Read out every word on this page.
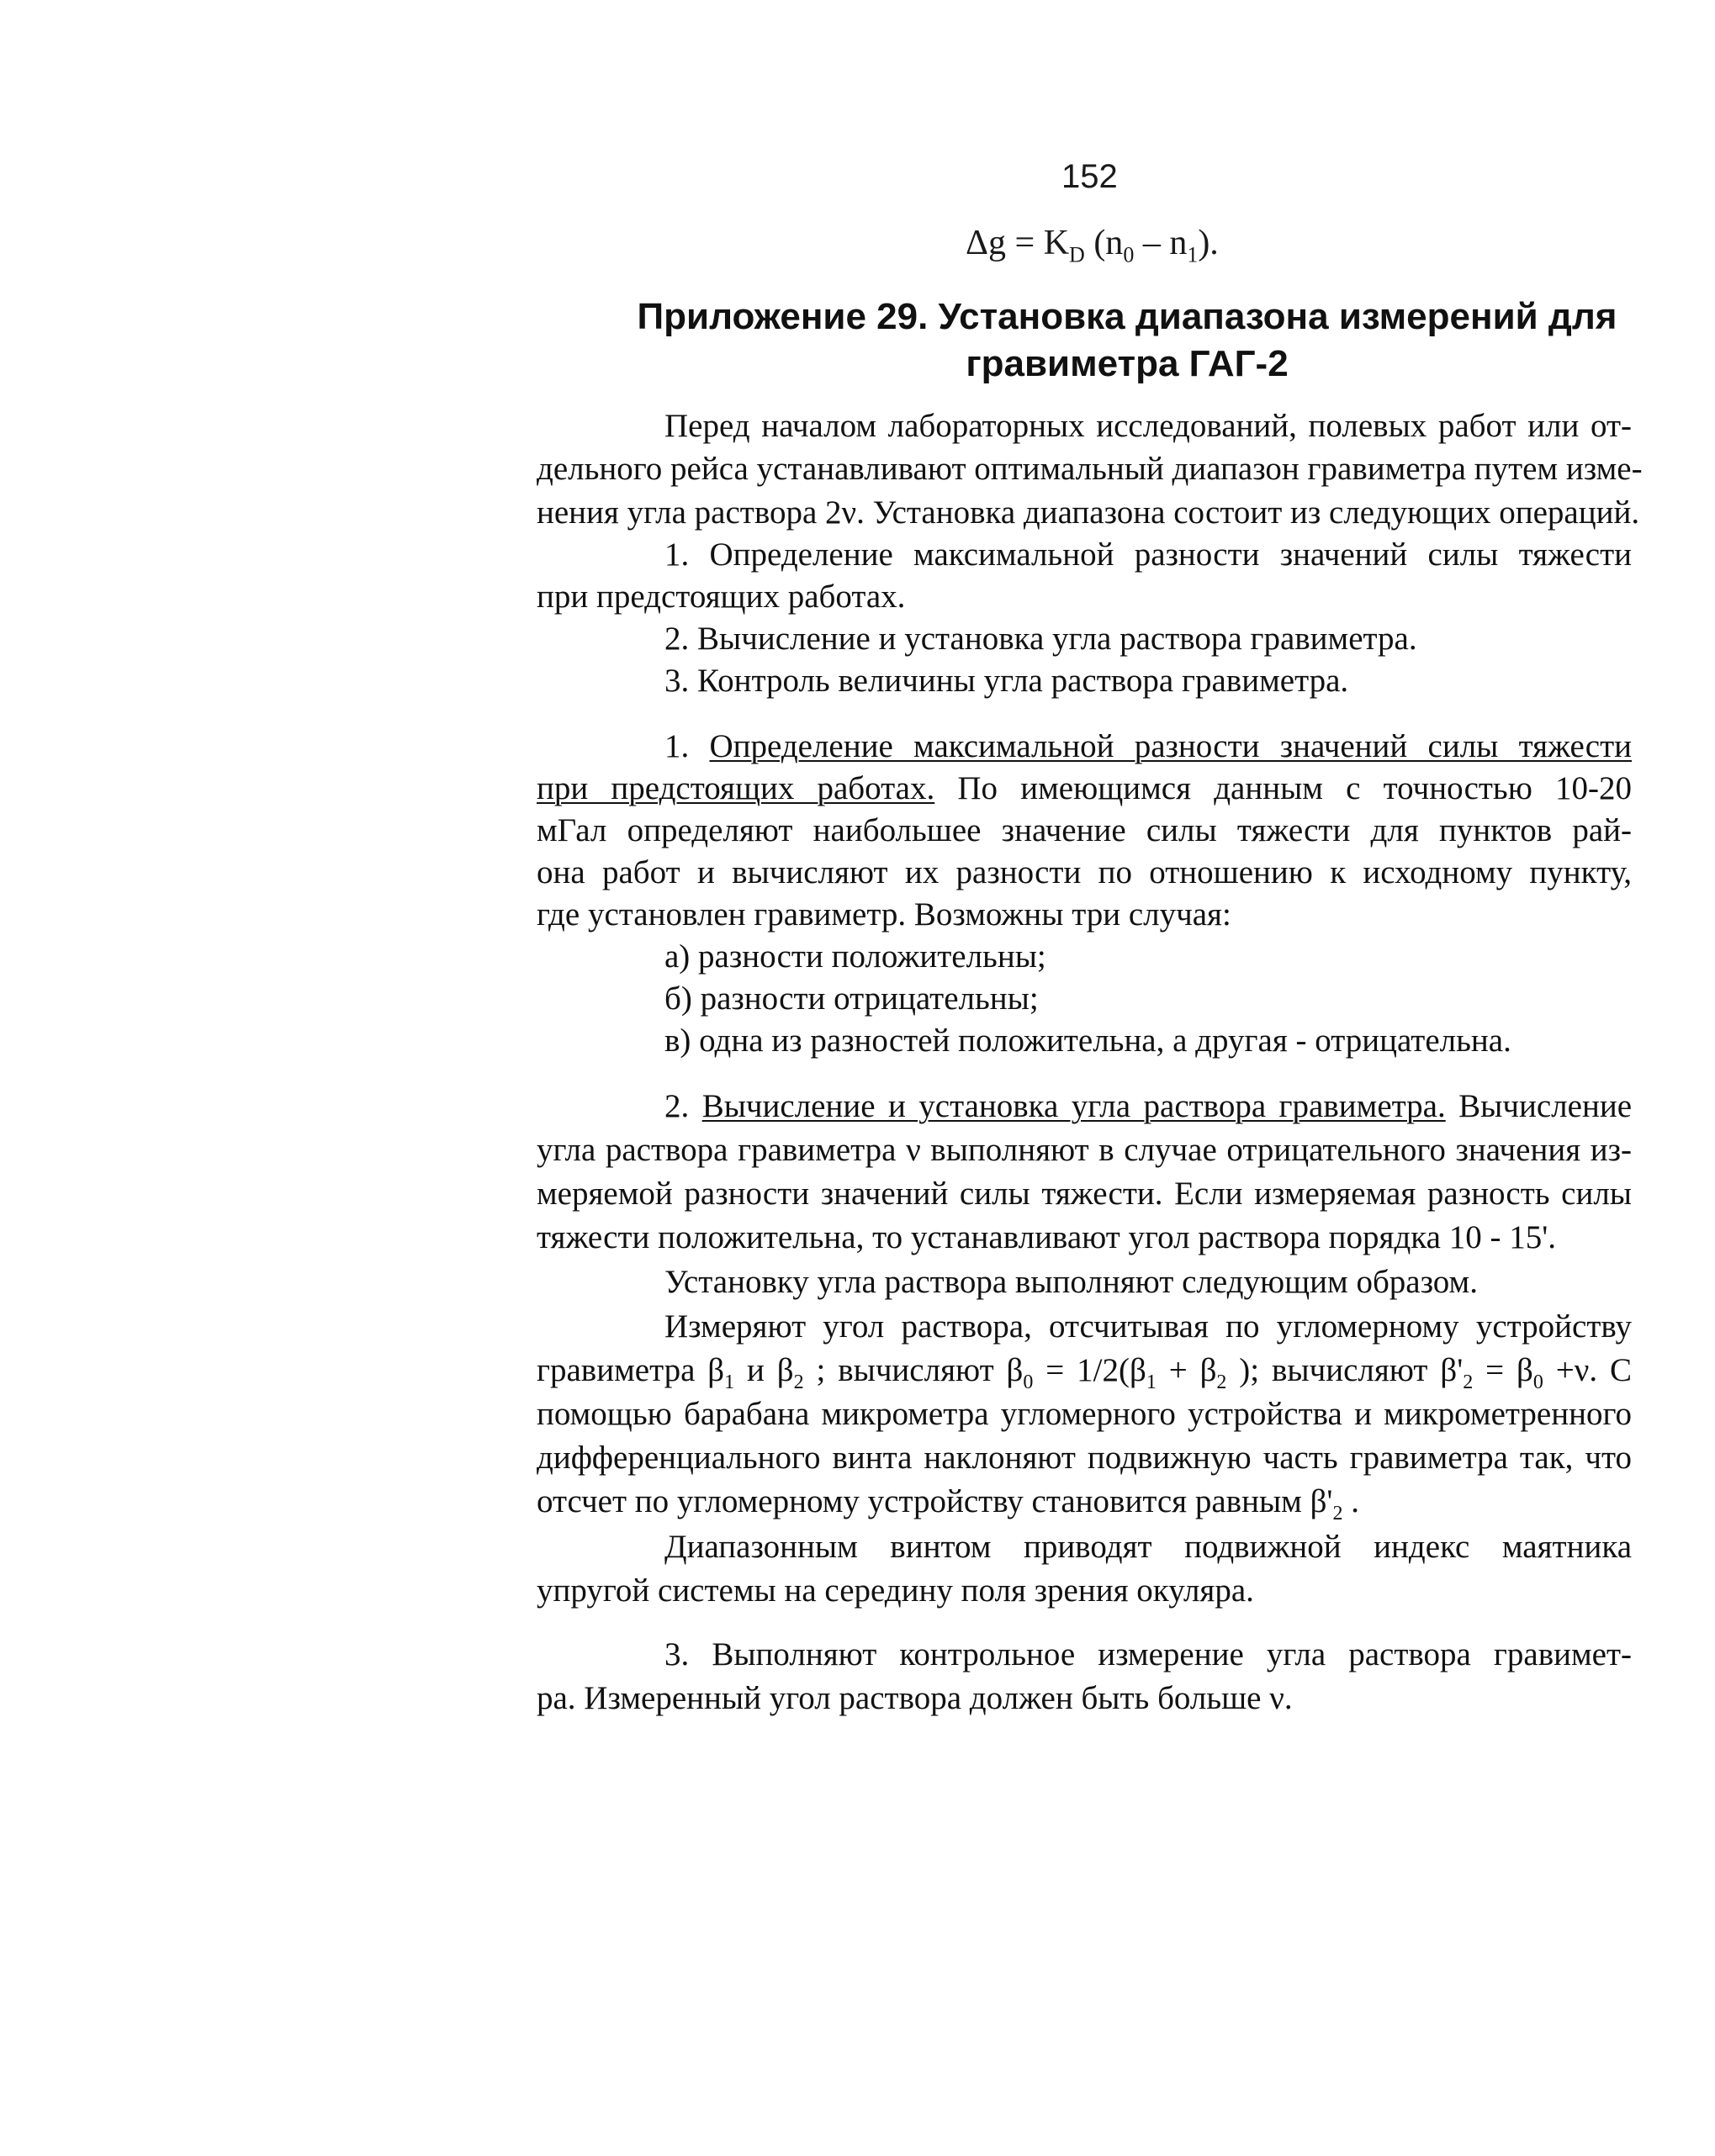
152
$\Delta g = K_D$ $(n_0 - n_1)$.
Приложение 29. Установка диапазона измерений для
гравиметра ГАГ-2
Перед началом лабораторных исследований, полевых работ или от-
дельного рейса устанавливают оптимальный диапазон гравиметра путем изме-
нения угла раствора 2ν. Установка диапазона состоит из следующих операций.
1. Определение максимальной разности значений силы тяжести
при предстоящих работах.
2. Вычисление и установка угла раствора гравиметра.
3. Контроль величины угла раствора гравиметра.
1. Определение максимальной разности значений силы тяжести
при предстоящих работах. По имеющимся данным с точностью 10-20
мГал определяют наибольшее значение силы тяжести для пунктов рай-
она работ и вычисляют их разности по отношению к исходному пункту,
где установлен гравиметр. Возможны три случая:
а) разности положительны;
б) разности отрицательны;
в) одна из разностей положительна, а другая - отрицательна.
2. Вычисление и установка угла раствора гравиметра. Вычисление
угла раствора гравиметра ν выполняют в случае отрицательного значения из-
меряемой разности значений силы тяжести. Если измеряемая разность силы
тяжести положительна, то устанавливают угол раствора порядка 10 - 15'.
Установку угла раствора выполняют следующим образом.
Измеряют угол раствора, отсчитывая по угломерному устройству
гравиметра $\beta_1$ и $\beta_2$ ; вычисляют $\beta_0 = 1/2(\beta_1 + \beta_2$ ); вычисляют $\beta'_2 = \beta_0 +\nu$. С
помощью барабана микрометра угломерного устройства и микрометренного
дифференциального винта наклоняют подвижную часть гравиметра так, что
отсчет по угломерному устройству становится равным $\beta'_2$ .
Диапазонным винтом приводят подвижной индекс маятника
упругой системы на середину поля зрения окуляра.
3. Выполняют контрольное измерение угла раствора гравимет-
ра. Измеренный угол раствора должен быть больше ν.
